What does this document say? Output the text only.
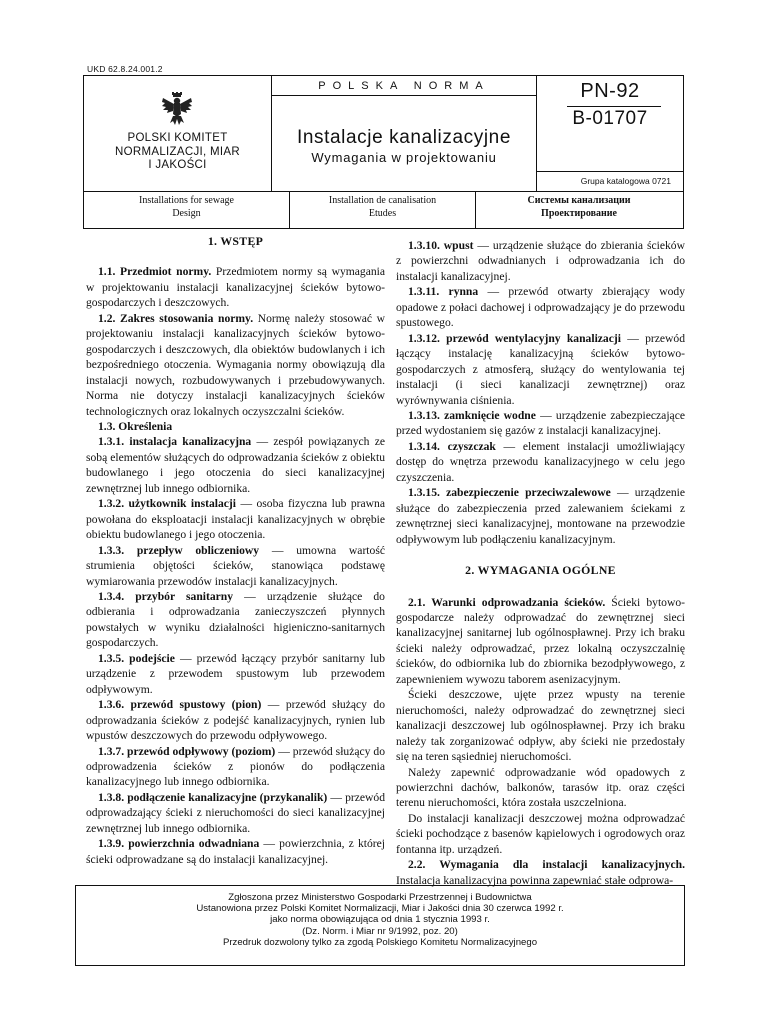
UKD 62.8.24.001.2
POLSKI KOMITET
NORMALIZACJI, MIAR
I JAKOŚCI
POLSKA NORMA
Instalacje kanalizacyjne
Wymagania w projektowaniu
PN-92
B-01707
Grupa katalogowa 0721
Installations for sewage
Design
Installation de canalisation
Etudes
Системы канализации
Проектирование
1. WSTĘP

1.1. Przedmiot normy. Przedmiotem normy są wymagania w projektowaniu instalacji kanalizacyjnej ścieków bytowo-gospodarczych i deszczowych.

1.2. Zakres stosowania normy. Normę należy stosować w projektowaniu instalacji kanalizacyjnych ścieków bytowo-gospodarczych i deszczowych, dla obiektów budowlanych i ich bezpośredniego otoczenia. Wymagania normy obowiązują dla instalacji nowych, rozbudowywanych i przebudowywanych. Norma nie dotyczy instalacji kanalizacyjnych ścieków technologicznych oraz lokalnych oczyszczalni ścieków.

1.3. Określenia

1.3.1. instalacja kanalizacyjna — zespół powiązanych ze sobą elementów służących do odprowadzania ścieków z obiektu budowlanego i jego otoczenia do sieci kanalizacyjnej zewnętrznej lub innego odbiornika.

1.3.2. użytkownik instalacji — osoba fizyczna lub prawna powołana do eksploatacji instalacji kanalizacyjnych w obrębie obiektu budowlanego i jego otoczenia.

1.3.3. przepływ obliczeniowy — umowna wartość strumienia objętości ścieków, stanowiąca podstawę wymiarowania przewodów instalacji kanalizacyjnych.

1.3.4. przybór sanitarny — urządzenie służące do odbierania i odprowadzania zanieczyszczeń płynnych powstałych w wyniku działalności higieniczno-sanitarnych gospodarczych.

1.3.5. podejście — przewód łączący przybór sanitarny lub urządzenie z przewodem spustowym lub przewodem odpływowym.

1.3.6. przewód spustowy (pion) — przewód służący do odprowadzania ścieków z podejść kanalizacyjnych, rynien lub wpustów deszczowych do przewodu odpływowego.

1.3.7. przewód odpływowy (poziom) — przewód służący do odprowadzenia ścieków z pionów do podłączenia kanalizacyjnego lub innego odbiornika.

1.3.8. podłączenie kanalizacyjne (przykanalik) — przewód odprowadzający ścieki z nieruchomości do sieci kanalizacyjnej zewnętrznej lub innego odbiornika.

1.3.9. powierzchnia odwadniana — powierzchnia, z której ścieki odprowadzane są do instalacji kanalizacyjnej.

1.3.10. wpust — urządzenie służące do zbierania ścieków z powierzchni odwadnianych i odprowadzania ich do instalacji kanalizacyjnej.

1.3.11. rynna — przewód otwarty zbierający wody opadowe z połaci dachowej i odprowadzający je do przewodu spustowego.

1.3.12. przewód wentylacyjny kanalizacji — przewód łączący instalację kanalizacyjną ścieków bytowo-gospodarczych z atmosferą, służący do wentylowania tej instalacji (i sieci kanalizacji zewnętrznej) oraz wyrównywania ciśnienia.

1.3.13. zamknięcie wodne — urządzenie zabezpieczające przed wydostaniem się gazów z instalacji kanalizacyjnej.

1.3.14. czyszczak — element instalacji umożliwiający dostęp do wnętrza przewodu kanalizacyjnego w celu jego czyszczenia.

1.3.15. zabezpieczenie przeciwzalewowe — urządzenie służące do zabezpieczenia przed zalewaniem ściekami z zewnętrznej sieci kanalizacyjnej, montowane na przewodzie odpływowym lub podłączeniu kanalizacyjnym.

2. WYMAGANIA OGÓLNE

2.1. Warunki odprowadzania ścieków. Ścieki bytowo-gospodarcze należy odprowadzać do zewnętrznej sieci kanalizacyjnej sanitarnej lub ogólnospławnej. Przy ich braku ścieki należy odprowadzać, przez lokalną oczyszczalnię ścieków, do odbiornika lub do zbiornika bezodpływowego, z zapewnieniem wywozu taborem asenizacyjnym.

Ścieki deszczowe, ujęte przez wpusty na terenie nieruchomości, należy odprowadzać do zewnętrznej sieci kanalizacji deszczowej lub ogólnospławnej. Przy ich braku należy tak zorganizować odpływ, aby ścieki nie przedostały się na teren sąsiedniej nieruchomości.

Należy zapewnić odprowadzanie wód opadowych z powierzchni dachów, balkonów, tarasów itp. oraz części terenu nieruchomości, która została uszczelniona.

Do instalacji kanalizacji deszczowej można odprowadzać ścieki pochodzące z basenów kąpielowych i ogrodowych oraz fontanna itp. urządzeń.

2.2. Wymagania dla instalacji kanalizacyjnych. Instalacja kanalizacyjna powinna zapewniać stałe odprowa-

Zgłoszona przez Ministerstwo Gospodarki Przestrzennej i Budownictwa
Ustanowiona przez Polski Komitet Normalizacji, Miar i Jakości dnia 30 czerwca 1992 r.
jako norma obowiązująca od dnia 1 stycznia 1993 r.
(Dz. Norm. i Miar nr 9/1992, poz. 20)
Przedruk dozwolony tylko za zgodą Polskiego Komitetu Normalizacyjnego
